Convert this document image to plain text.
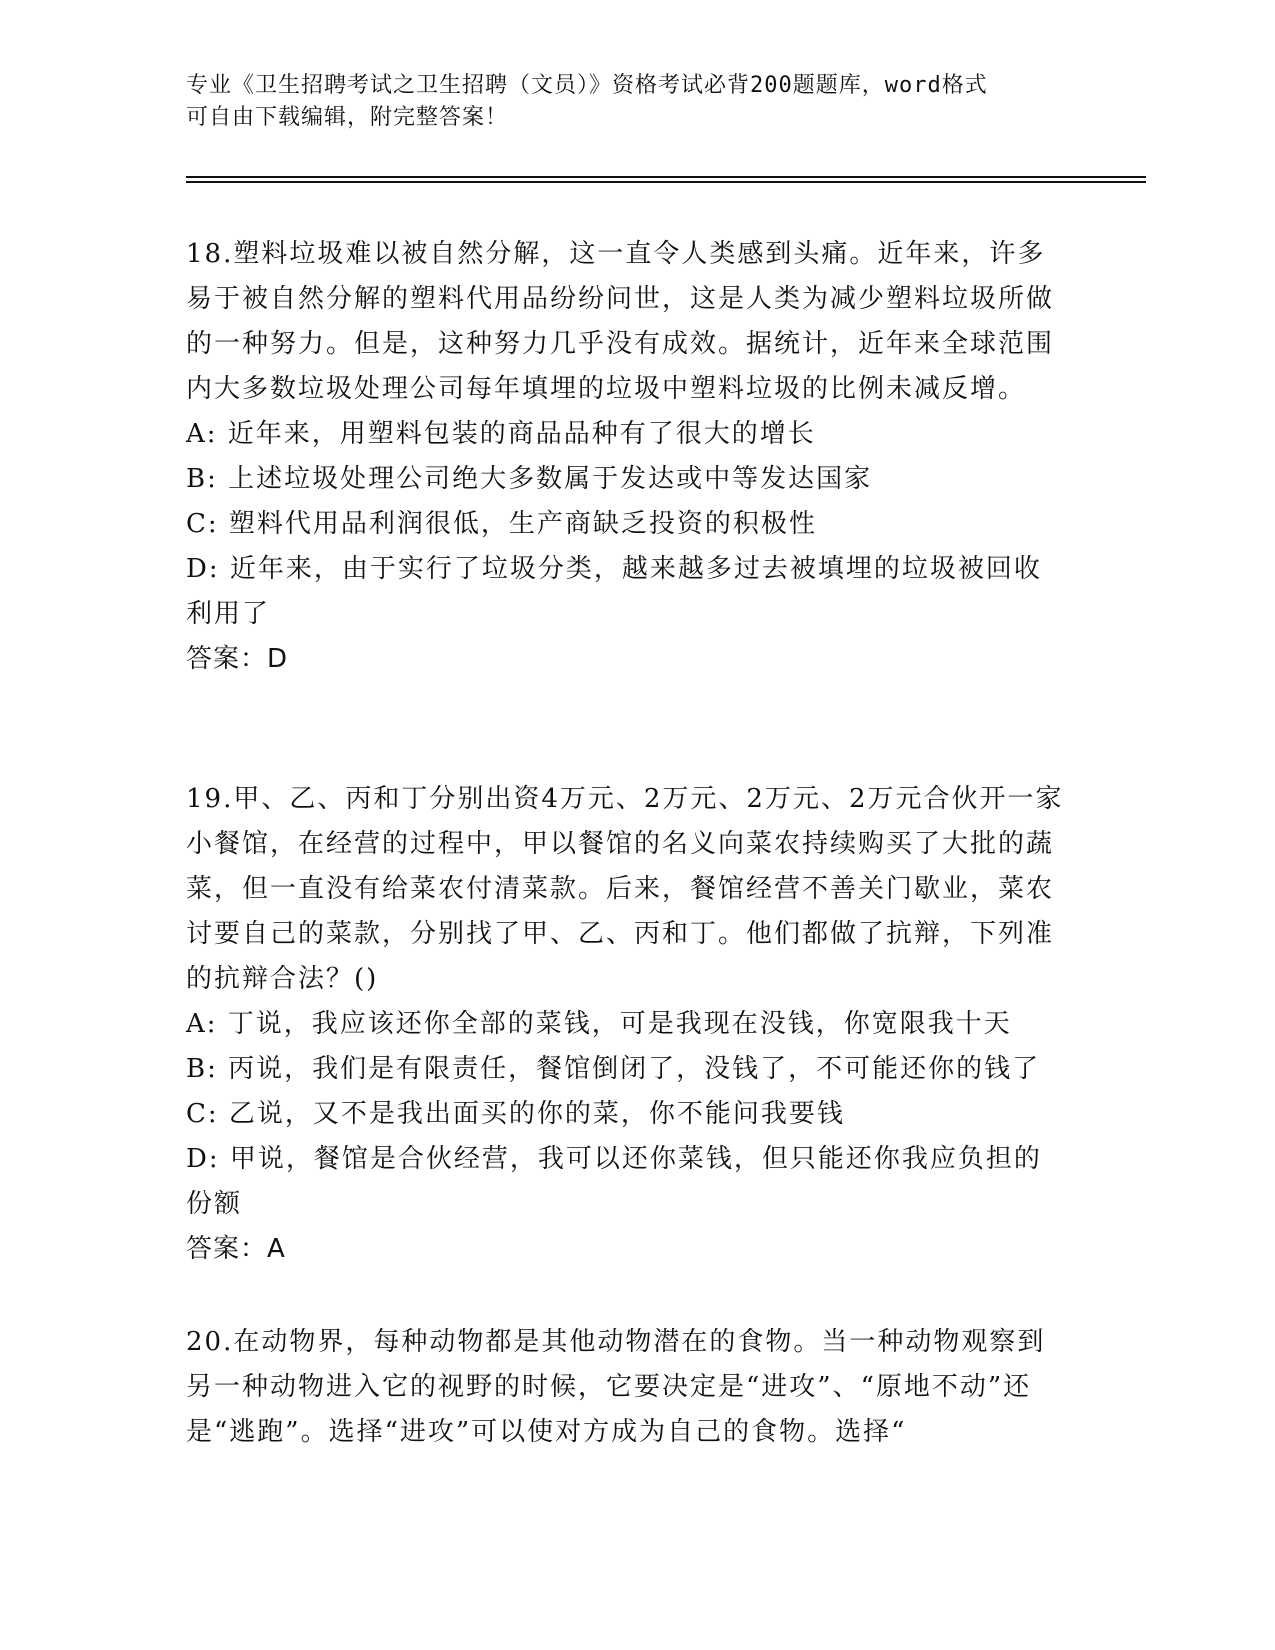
专业《卫生招聘考试之卫生招聘（文员）》资格考试必背200题题库，word格式
可自由下载编辑，附完整答案！

18.塑料垃圾难以被自然分解，这一直令人类感到头痛。近年来，许多易于被自然分解的塑料代用品纷纷问世，这是人类为减少塑料垃圾所做的一种努力。但是，这种努力几乎没有成效。据统计，近年来全球范围内大多数垃圾处理公司每年填埋的垃圾中塑料垃圾的比例未减反增。

A: 近年来，用塑料包装的商品品种有了很大的增长

B: 上述垃圾处理公司绝大多数属于发达或中等发达国家

C: 塑料代用品利润很低，生产商缺乏投资的积极性

D: 近年来，由于实行了垃圾分类，越来越多过去被填埋的垃圾被回收利用了

答案：D

19.甲、乙、丙和丁分别出资4万元、2万元、2万元、2万元合伙开一家小餐馆，在经营的过程中，甲以餐馆的名义向菜农持续购买了大批的蔬菜，但一直没有给菜农付清菜款。后来，餐馆经营不善关门歇业，菜农讨要自己的菜款，分别找了甲、乙、丙和丁。他们都做了抗辩，下列准的抗辩合法？()

A: 丁说，我应该还你全部的菜钱，可是我现在没钱，你宽限我十天

B: 丙说，我们是有限责任，餐馆倒闭了，没钱了，不可能还你的钱了

C: 乙说，又不是我出面买的你的菜，你不能问我要钱

D: 甲说，餐馆是合伙经营，我可以还你菜钱，但只能还你我应负担的份额

答案：A

20.在动物界，每种动物都是其他动物潜在的食物。当一种动物观察到另一种动物进入它的视野的时候，它要决定是“进攻”、“原地不动”还是“逃跑”。选择“进攻”可以使对方成为自己的食物。选择“
